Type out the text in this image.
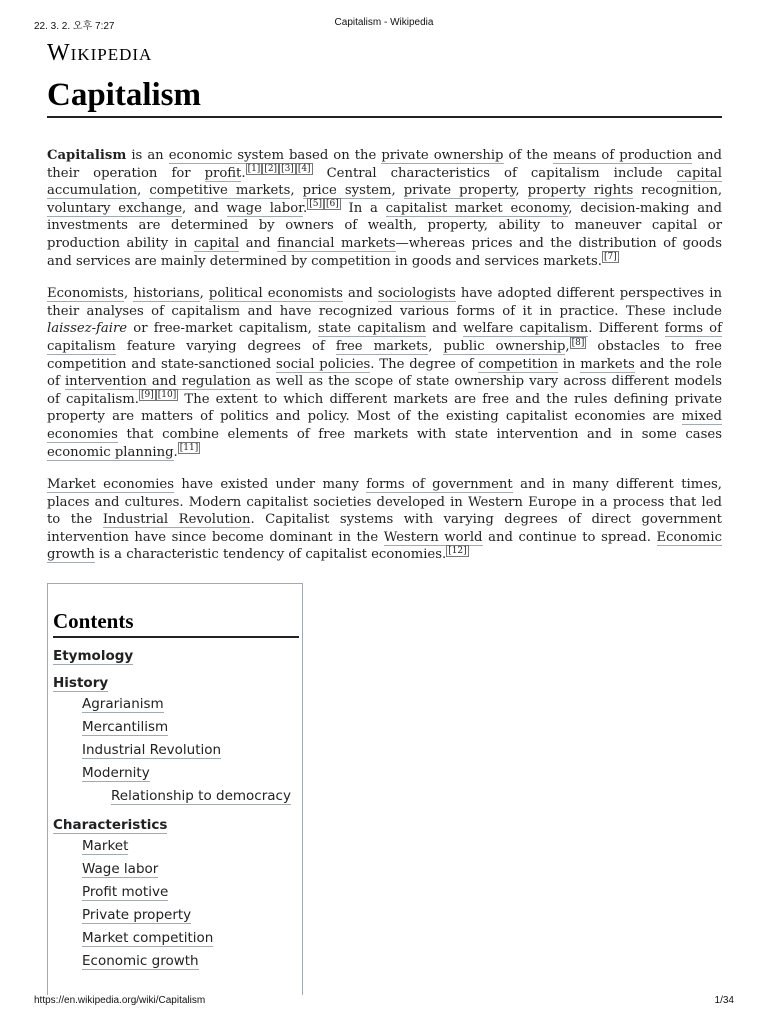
22. 3. 2. 오후 7:27	Capitalism - Wikipedia
Wikipedia
Capitalism

Capitalism is an economic system based on the private ownership of the means of production and their operation for profit. [1] [2] [3] [4] Central characteristics of capitalism include capital accumulation, competitive markets, price system, private property, property rights recognition, voluntary exchange, and wage labor. [5] [6] In a capitalist market economy, decision-making and investments are determined by owners of wealth, property, ability to maneuver capital or production ability in capital and financial markets—whereas prices and the distribution of goods and services are mainly determined by competition in goods and services markets. [7]

Economists, historians, political economists and sociologists have adopted different perspectives in their analyses of capitalism and have recognized various forms of it in practice. These include laissez-faire or free-market capitalism, state capitalism and welfare capitalism. Different forms of capitalism feature varying degrees of free markets, public ownership, [8] obstacles to free competition and state-sanctioned social policies. The degree of competition in markets and the role of intervention and regulation as well as the scope of state ownership vary across different models of capitalism. [9] [10] The extent to which different markets are free and the rules defining private property are matters of politics and policy. Most of the existing capitalist economies are mixed economies that combine elements of free markets with state intervention and in some cases economic planning. [11]

Market economies have existed under many forms of government and in many different times, places and cultures. Modern capitalist societies developed in Western Europe in a process that led to the Industrial Revolution. Capitalist systems with varying degrees of direct government intervention have since become dominant in the Western world and continue to spread. Economic growth is a characteristic tendency of capitalist economies. [12]

Contents
Etymology
History
Agrarianism
Mercantilism
Industrial Revolution
Modernity
Relationship to democracy
Characteristics
Market
Wage labor
Profit motive
Private property
Market competition
Economic growth
https://en.wikipedia.org/wiki/Capitalism	1/34
